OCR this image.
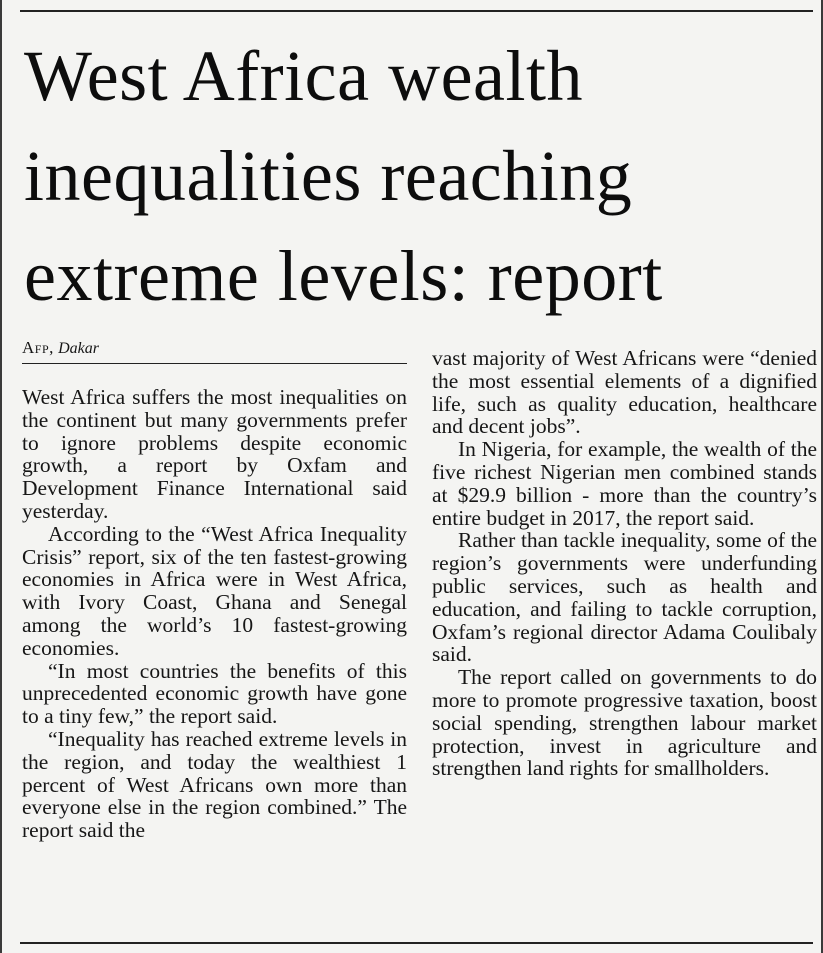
West Africa wealth inequalities reaching extreme levels: report
Afp, Dakar

West Africa suffers the most inequalities on the continent but many governments prefer to ignore problems despite economic growth, a report by Oxfam and Development Finance International said yesterday.

According to the “West Africa Inequality Crisis” report, six of the ten fastest-growing economies in Africa were in West Africa, with Ivory Coast, Ghana and Senegal among the world’s 10 fastest-growing economies.

“In most countries the benefits of this unprecedented economic growth have gone to a tiny few,” the report said.

“Inequality has reached extreme levels in the region, and today the wealthiest 1 percent of West Africans own more than everyone else in the region combined.” The report said the

vast majority of West Africans were “denied the most essential elements of a dignified life, such as quality education, healthcare and decent jobs”.

In Nigeria, for example, the wealth of the five richest Nigerian men combined stands at $29.9 billion - more than the country’s entire budget in 2017, the report said.

Rather than tackle inequality, some of the region’s governments were underfunding public services, such as health and education, and failing to tackle corruption, Oxfam’s regional director Adama Coulibaly said.

The report called on governments to do more to promote progressive taxation, boost social spending, strengthen labour market protection, invest in agriculture and strengthen land rights for smallholders.
